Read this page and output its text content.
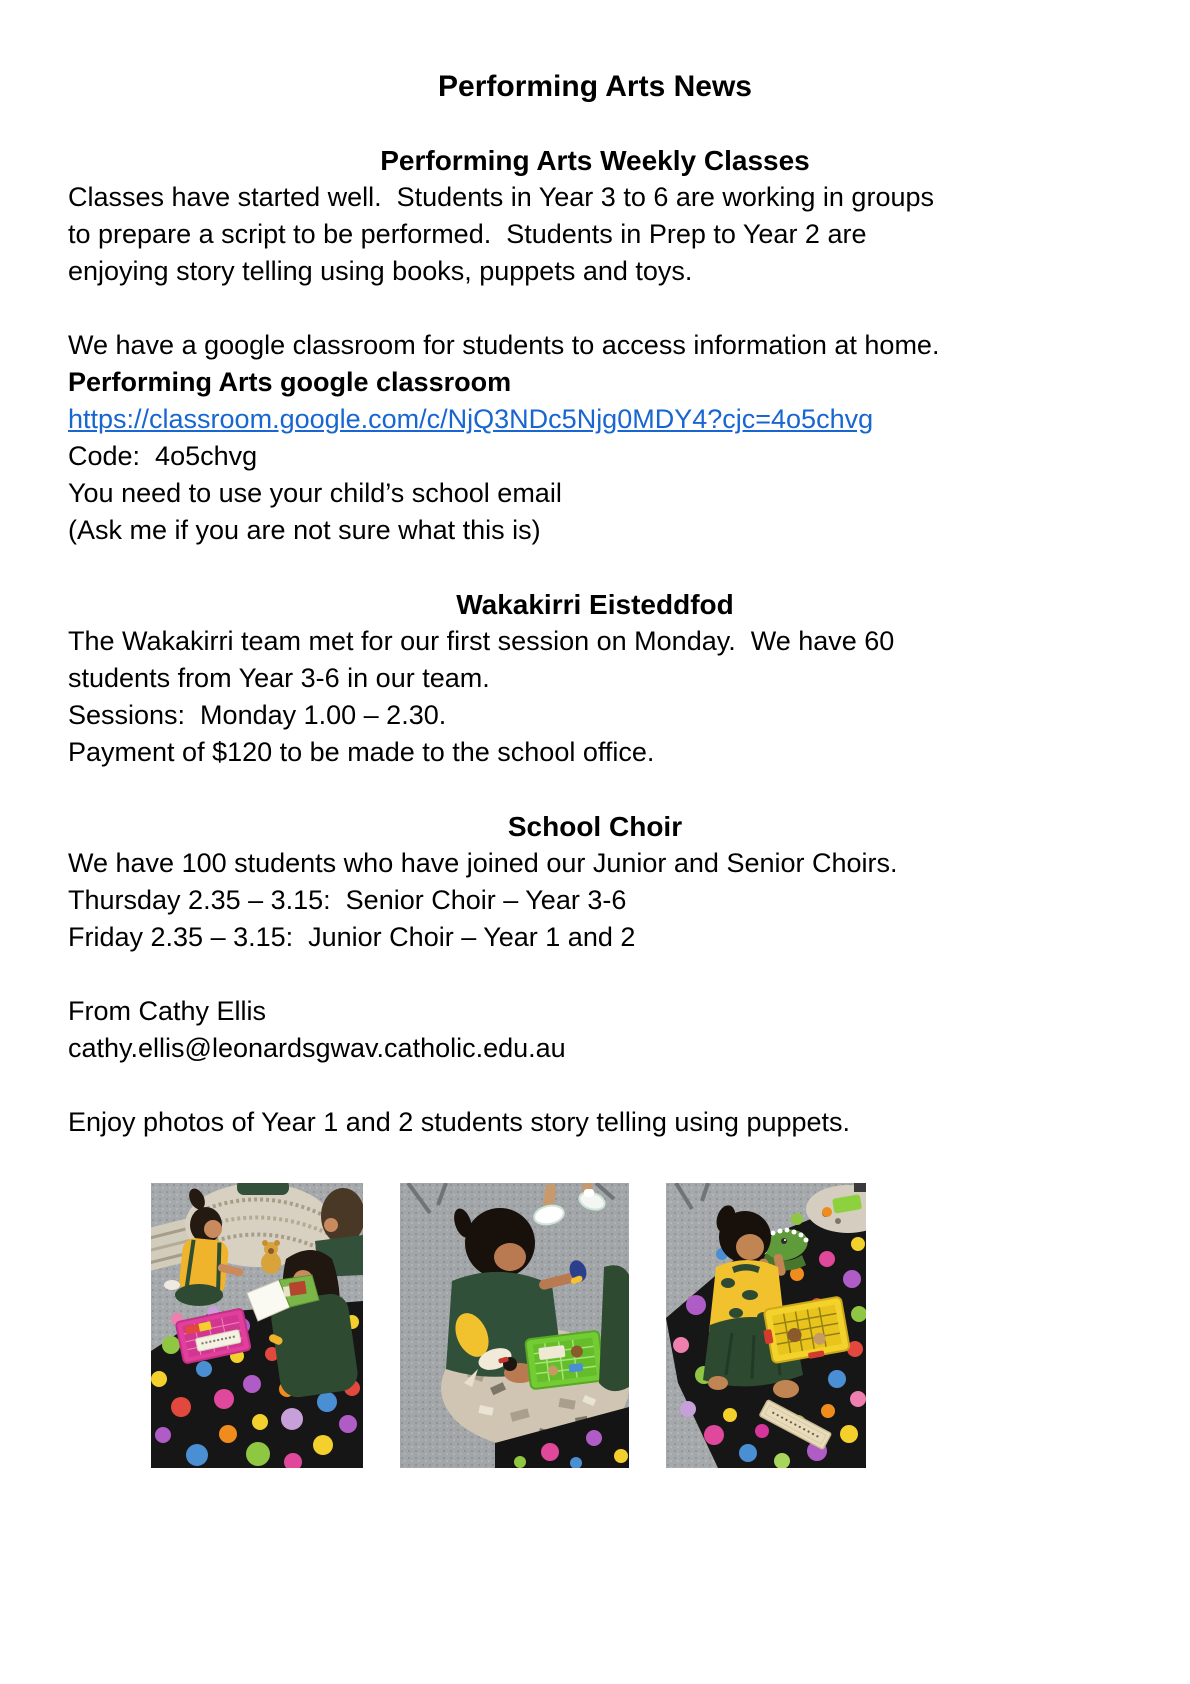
Performing Arts News
Performing Arts Weekly Classes
Classes have started well.  Students in Year 3 to 6 are working in groups
to prepare a script to be performed.  Students in Prep to Year 2 are
enjoying story telling using books, puppets and toys.
We have a google classroom for students to access information at home.
Performing Arts google classroom
https://classroom.google.com/c/NjQ3NDc5Njg0MDY4?cjc=4o5chvg
Code:  4o5chvg
You need to use your child’s school email
(Ask me if you are not sure what this is)
Wakakirri Eisteddfod
The Wakakirri team met for our first session on Monday.  We have 60
students from Year 3-6 in our team.
Sessions:  Monday 1.00 – 2.30.
Payment of $120 to be made to the school office.
School Choir
We have 100 students who have joined our Junior and Senior Choirs.
Thursday 2.35 – 3.15:  Senior Choir – Year 3-6
Friday 2.35 – 3.15:  Junior Choir – Year 1 and 2
From Cathy Ellis
cathy.ellis@leonardsgwav.catholic.edu.au
Enjoy photos of Year 1 and 2 students story telling using puppets.
